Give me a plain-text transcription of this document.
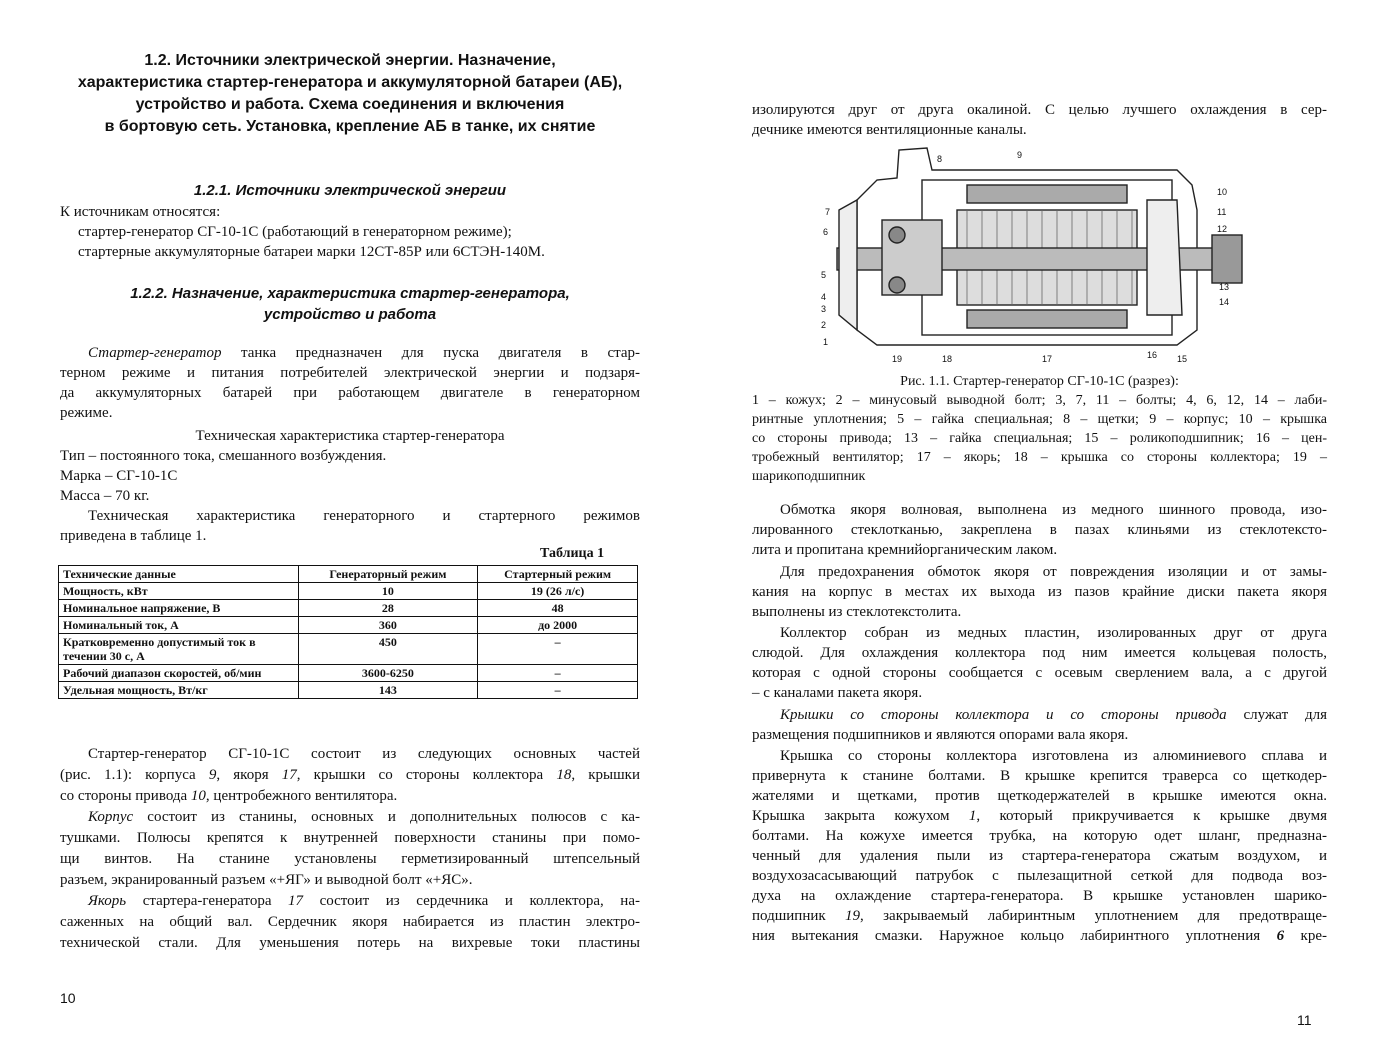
1.2. Источники электрической энергии. Назначение,
характеристика стартер-генератора и аккумуляторной батареи (АБ),
устройство и работа. Схема соединения и включения
в бортовую сеть. Установка, крепление АБ в танке, их снятие
1.2.1. Источники электрической энергии
К источникам относятся:
стартер-генератор СГ-10-1С (работающий в генераторном режиме);
стартерные аккумуляторные батареи марки 12СТ-85Р или 6СТЭН-140М.
1.2.2. Назначение, характеристика стартер-генератора,
устройство и работа
Стартер-генератор танка предназначен для пуска двигателя в стар-
терном режиме и питания потребителей электрической энергии и подзаря-
да аккумуляторных батарей при работающем двигателе в генераторном
режиме.
Техническая характеристика стартер-генератора
Тип – постоянного тока, смешанного возбуждения.
Марка – СГ-10-1С
Масса – 70 кг.
Техническая характеристика генераторного и стартерного режимов
приведена в таблице 1.
Таблица 1
Технические данные	Генераторный режим	Стартерный режим
Мощность, кВт	10	19 (26 л/с)
Номинальное напряжение, В	28	48
Номинальный ток, А	360	до 2000
Кратковременно допустимый ток в течении 30 с, А	450	–
Рабочий диапазон скоростей, об/мин	3600-6250	–
Удельная мощность, Вт/кг	143	–
Стартер-генератор СГ-10-1С состоит из следующих основных частей
(рис. 1.1): корпуса 9, якоря 17, крышки со стороны коллектора 18, крышки
со стороны привода 10, центробежного вентилятора.
Корпус состоит из станины, основных и дополнительных полюсов с ка-
тушками. Полюсы крепятся к внутренней поверхности станины при помо-
щи винтов. На станине установлены герметизированный штепсельный
разъем, экранированный разъем «+ЯГ» и выводной болт «+ЯС».
Якорь стартера-генератора 17 состоит из сердечника и коллектора, на-
саженных на общий вал. Сердечник якоря набирается из пластин электро-
технической стали. Для уменьшения потерь на вихревые токи пластины
10
изолируются друг от друга окалиной. С целью лучшего охлаждения в сер-
дечнике имеются вентиляционные каналы.
8	9
7
6
5
4
3
2
1
10
11
12
13
14
19	18	17	16 15
Рис. 1.1. Стартер-генератор СГ-10-1С (разрез):
1 – кожух; 2 – минусовый выводной болт; 3, 7, 11 – болты; 4, 6, 12, 14 – лаби-
ринтные уплотнения; 5 – гайка специальная; 8 – щетки; 9 – корпус; 10 – крышка
со стороны привода; 13 – гайка специальная; 15 – роликоподшипник; 16 – цен-
тробежный вентилятор; 17 – якорь; 18 – крышка со стороны коллектора; 19 –
шарикоподшипник
Обмотка якоря волновая, выполнена из медного шинного провода, изо-
лированного стеклотканью, закреплена в пазах клиньями из стеклотексто-
лита и пропитана кремнийорганическим лаком.
Для предохранения обмоток якоря от повреждения изоляции и от замы-
кания на корпус в местах их выхода из пазов крайние диски пакета якоря
выполнены из стеклотекстолита.
Коллектор собран из медных пластин, изолированных друг от друга
слюдой. Для охлаждения коллектора под ним имеется кольцевая полость,
которая с одной стороны сообщается с осевым сверлением вала, а с другой
– с каналами пакета якоря.
Крышки со стороны коллектора и со стороны привода служат для
размещения подшипников и являются опорами вала якоря.
Крышка со стороны коллектора изготовлена из алюминиевого сплава и
привернута к станине болтами. В крышке крепится траверса со щеткодер-
жателями и щетками, против щеткодержателей в крышке имеются окна.
Крышка закрыта кожухом 1, который прикручивается к крышке двумя
болтами. На кожухе имеется трубка, на которую одет шланг, предназна-
ченный для удаления пыли из стартера-генератора сжатым воздухом, и
воздухозасасывающий патрубок с пылезащитной сеткой для подвода воз-
духа на охлаждение стартера-генератора. В крышке установлен шарико-
подшипник 19, закрываемый лабиринтным уплотнением для предотвраще-
ния вытекания смазки. Наружное кольцо лабиринтного уплотнения 6 кре-
11
